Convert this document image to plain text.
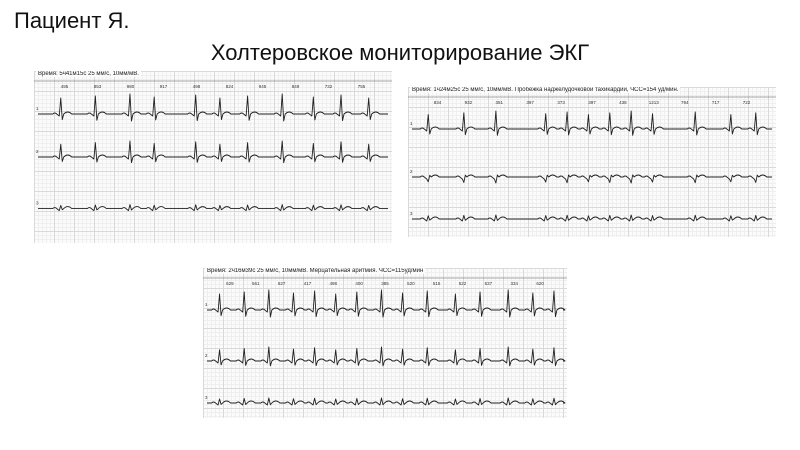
Пациент Я.
Холтеровское мониторирование ЭКГ
495	853	980	917	498	824	945	849	732	755
1
2
3
Время: 5ч41м15с 25 мм/с, 10мм/мВ.
834	932	351	397	373	397	438	1213	794	717	722
1
2
3
Время: 1ч24м25с 25 мм/с, 10мм/мВ. Пробежка наджелудочковой тахикардии, ЧСС=154 уд/мин.
629	561	627	417	498	400	385	520	515	522	537	334	620
1
2
3
Время: 2ч16м39с 25 мм/с, 10мм/мВ. Мерцательная аритмия. ЧСС=115уд/мин
